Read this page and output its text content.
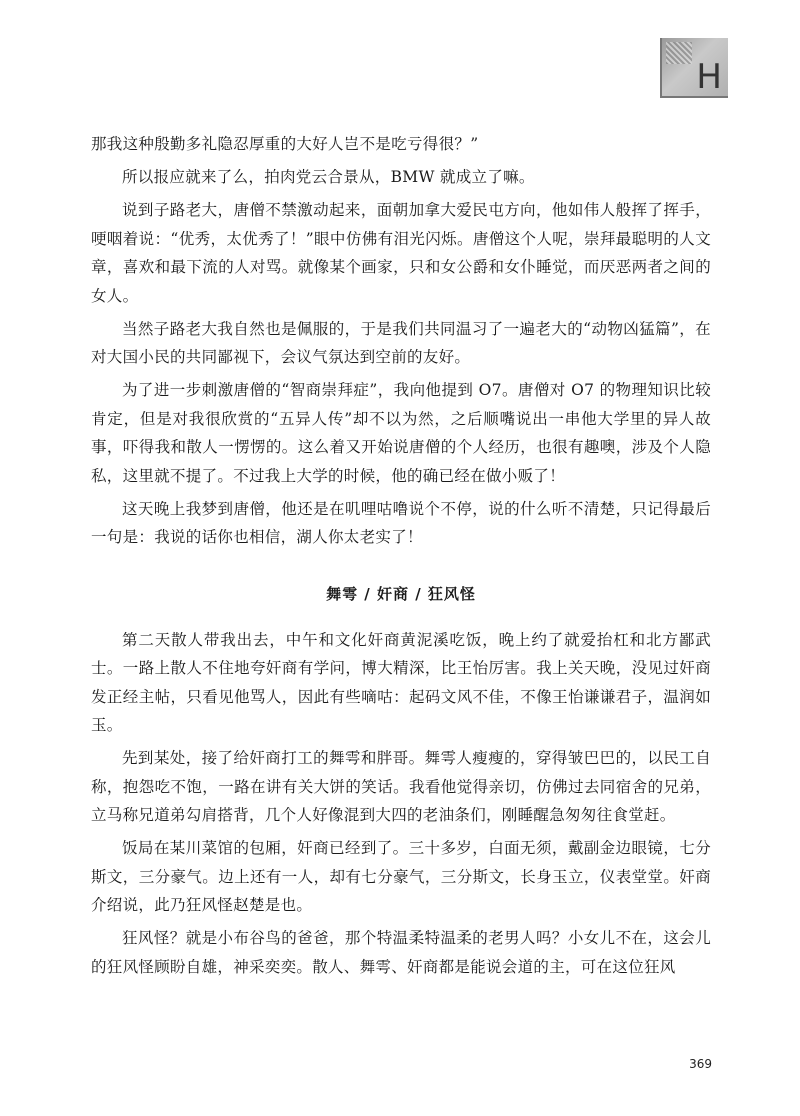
H

那我这种殷勤多礼隐忍厚重的大好人岂不是吃亏得很？”

所以报应就来了么，拍肉党云合景从，BMW 就成立了嘛。

说到子路老大，唐僧不禁激动起来，面朝加拿大爱民屯方向，他如伟人般挥了挥手，哽咽着说：“优秀，太优秀了！”眼中仿佛有泪光闪烁。唐僧这个人呢，崇拜最聪明的人文章，喜欢和最下流的人对骂。就像某个画家，只和女公爵和女仆睡觉，而厌恶两者之间的女人。

当然子路老大我自然也是佩服的，于是我们共同温习了一遍老大的“动物凶猛篇”，在对大国小民的共同鄙视下，会议气氛达到空前的友好。

为了进一步刺激唐僧的“智商崇拜症”，我向他提到 O7。唐僧对 O7 的物理知识比较肯定，但是对我很欣赏的“五异人传”却不以为然，之后顺嘴说出一串他大学里的异人故事，吓得我和散人一愣愣的。这么着又开始说唐僧的个人经历，也很有趣噢，涉及个人隐私，这里就不提了。不过我上大学的时候，他的确已经在做小贩了！

这天晚上我梦到唐僧，他还是在叽哩咕噜说个不停，说的什么听不清楚，只记得最后一句是：我说的话你也相信，湖人你太老实了！

舞雩 / 奸商 / 狂风怪

第二天散人带我出去，中午和文化奸商黄泥溪吃饭，晚上约了就爱抬杠和北方鄙武士。一路上散人不住地夸奸商有学问，博大精深，比王怡厉害。我上关天晚，没见过奸商发正经主帖，只看见他骂人，因此有些嘀咕：起码文风不佳，不像王怡谦谦君子，温润如玉。

先到某处，接了给奸商打工的舞雩和胖哥。舞雩人瘦瘦的，穿得皱巴巴的，以民工自称，抱怨吃不饱，一路在讲有关大饼的笑话。我看他觉得亲切，仿佛过去同宿舍的兄弟，立马称兄道弟勾肩搭背，几个人好像混到大四的老油条们，刚睡醒急匆匆往食堂赶。

饭局在某川菜馆的包厢，奸商已经到了。三十多岁，白面无须，戴副金边眼镜，七分斯文，三分豪气。边上还有一人，却有七分豪气，三分斯文，长身玉立，仪表堂堂。奸商介绍说，此乃狂风怪赵楚是也。

狂风怪？就是小布谷鸟的爸爸，那个特温柔特温柔的老男人吗？小女儿不在，这会儿的狂风怪顾盼自雄，神采奕奕。散人、舞雩、奸商都是能说会道的主，可在这位狂风

369
